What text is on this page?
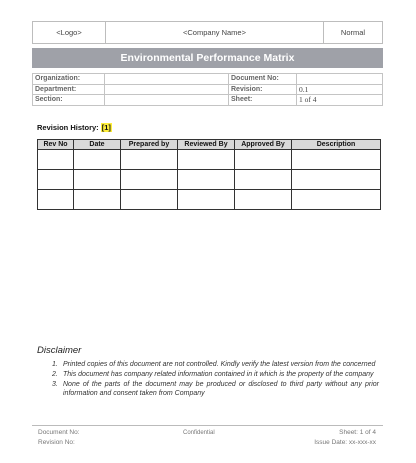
<Logo>	<Company Name>	Normal
Environmental Performance Matrix
Organization:		Document No:	
Department:		Revision:	0.1
Section:		Sheet:	1 of 4
Revision History: [1]
Rev No	Date	Prepared by	Reviewed By	Approved By	Description

Disclaimer
1. Printed copies of this document are not controlled. Kindly verify the latest version from the concerned
2. This document has company related information contained in it which is the property of the company
3. None of the parts of the document may be produced or disclosed to third party without any prior information and consent taken from Company
Document No:
Revision No:
Confidential	Sheet: 1 of 4
Issue Date: xx-xxx-xx
